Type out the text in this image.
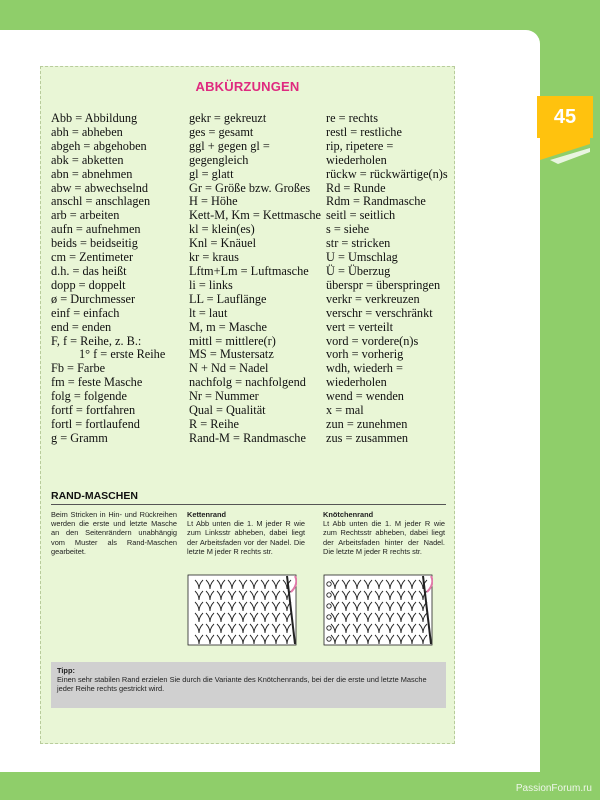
45
ABKÜRZUNGEN
Abb = Abbildung
abh = abheben
abgeh = abgehoben
abk = abketten
abn = abnehmen
abw = abwechselnd
anschl = anschlagen
arb = arbeiten
aufn = aufnehmen
beids = beidseitig
cm = Zentimeter
d.h. = das heißt
dopp = doppelt
ø = Durchmesser
einf = einfach
end = enden
F, f = Reihe, z. B.:
1° f = erste Reihe
Fb = Farbe
fm = feste Masche
folg = folgende
fortf = fortfahren
fortl = fortlaufend
g = Gramm
gekr = gekreuzt
ges = gesamt
ggl + gegen gl =
gegengleich
gl = glatt
Gr = Größe bzw. Großes
H = Höhe
Kett-M, Km = Kettmasche
kl = klein(es)
Knl = Knäuel
kr = kraus
Lftm+Lm = Luftmasche
li = links
LL = Lauflänge
lt = laut
M, m = Masche
mittl = mittlere(r)
MS = Mustersatz
N + Nd = Nadel
nachfolg = nachfolgend
Nr = Nummer
Qual = Qualität
R = Reihe
Rand-M = Randmasche
re = rechts
restl = restliche
rip, ripetere =
wiederholen
rückw = rückwärtige(n)s
Rd = Runde
Rdm = Randmasche
seitl = seitlich
s = siehe
str = stricken
U = Umschlag
Ü = Überzug
überspr = überspringen
verkr = verkreuzen
verschr = verschränkt
vert = verteilt
vord = vordere(n)s
vorh = vorherig
wdh, wiederh =
wiederholen
wend = wenden
x = mal
zun = zunehmen
zus = zusammen
RAND-MASCHEN
Beim Stricken in Hin- und Rückreihen werden die erste und letzte Masche an den Seitenrändern unabhängig vom Muster als Rand-Maschen gearbeitet.
Kettenrand
Lt Abb unten die 1. M jeder R wie zum Linksstr abheben, dabei liegt der Arbeitsfaden vor der Nadel. Die letzte M jeder R rechts str.
Knötchenrand
Lt Abb unten die 1. M jeder R wie zum Rechtsstr abheben, dabei liegt der Arbeitsfaden hinter der Nadel. Die letzte M jeder R rechts str.
Tipp:
Einen sehr stabilen Rand erzielen Sie durch die Variante des Knötchenrands, bei der die erste und letzte Masche jeder Reihe rechts gestrickt wird.
PassionForum.ru
